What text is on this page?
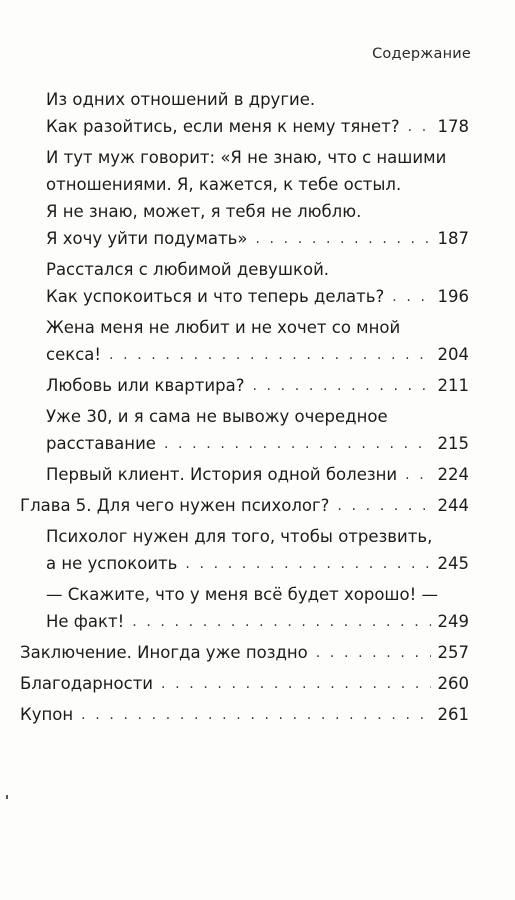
Содержание
Из одних отношений в другие.
Как разойтись, если меня к нему тянет? . . . 178
И тут муж говорит: «Я не знаю, что с нашими
отношениями. Я, кажется, к тебе остыл.
Я не знаю, может, я тебя не люблю.
Я хочу уйти подумать» . . .	187
Расстался с любимой девушкой.
Как успокоиться и что теперь делать? . . .	196
Жена меня не любит и не хочет со мной
секса! . . .	204
Любовь или квартира? . . .	211
Уже 30, и я сама не вывожу очередное
расставание . . .	215
Первый клиент. История одной болезни . . . 224
Глава 5. Для чего нужен психолог? . . .	244
Психолог нужен для того, чтобы отрезвить,
а не успокоить . . .	245
— Скажите, что у меня всё будет хорошо! —
Не факт! . . .	249
Заключение. Иногда уже поздно . . .	257
Благодарности . . .	260
Купон . . .	261
